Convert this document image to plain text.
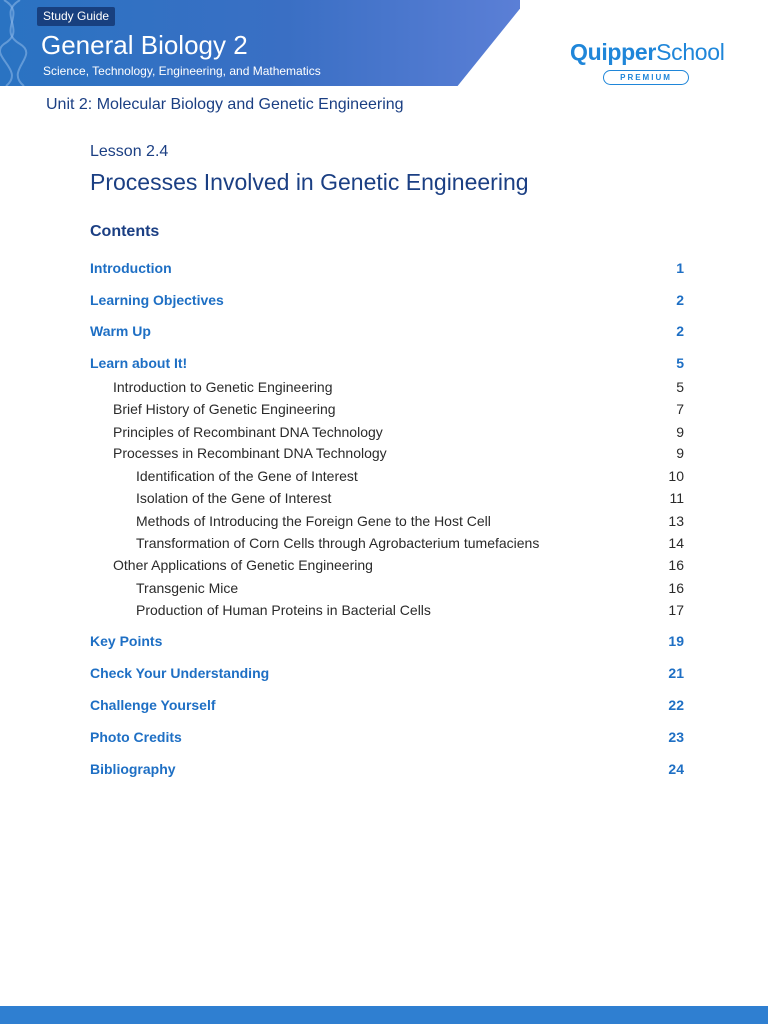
Study Guide
General Biology 2
Science, Technology, Engineering, and Mathematics
QuipperSchool
PREMIUM
Unit 2: Molecular Biology and Genetic Engineering
Lesson 2.4
Processes Involved in Genetic Engineering
Contents
Introduction	1
Learning Objectives	2
Warm Up	2
Learn about It!	5
Introduction to Genetic Engineering	5
Brief History of Genetic Engineering	7
Principles of Recombinant DNA Technology	9
Processes in Recombinant DNA Technology	9
Identification of the Gene of Interest	10
Isolation of the Gene of Interest	11
Methods of Introducing the Foreign Gene to the Host Cell	13
Transformation of Corn Cells through Agrobacterium tumefaciens	14
Other Applications of Genetic Engineering	16
Transgenic Mice	16
Production of Human Proteins in Bacterial Cells	17
Key Points	19
Check Your Understanding	21
Challenge Yourself	22
Photo Credits	23
Bibliography	24
